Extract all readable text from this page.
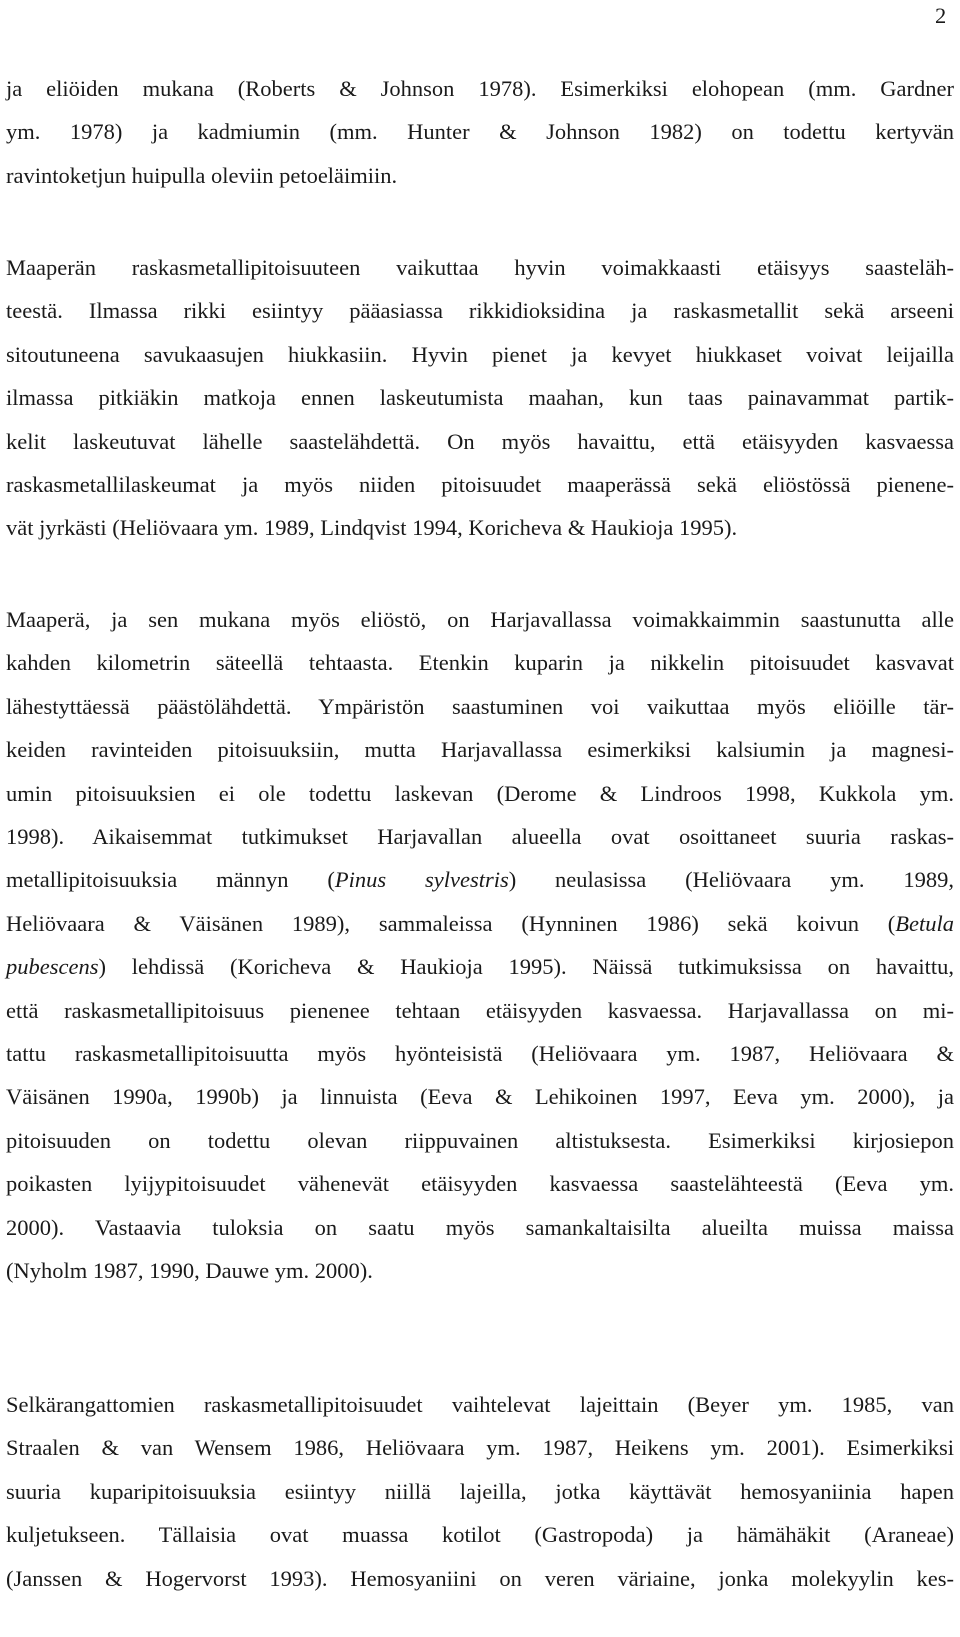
2

ja eliöiden mukana (Roberts & Johnson 1978). Esimerkiksi elohopean (mm. Gardner
ym. 1978) ja kadmiumin (mm. Hunter & Johnson 1982) on todettu kertyvän
ravintoketjun huipulla oleviin petoeläimiin.

Maaperän raskasmetallipitoisuuteen vaikuttaa hyvin voimakkaasti etäisyys saasteläh-
teestä. Ilmassa rikki esiintyy pääasiassa rikkidioksidina ja raskasmetallit sekä arseeni
sitoutuneena savukaasujen hiukkasiin. Hyvin pienet ja kevyet hiukkaset voivat leijailla
ilmassa pitkiäkin matkoja ennen laskeutumista maahan, kun taas painavammat partik-
kelit laskeutuvat lähelle saastelähdettä. On myös havaittu, että etäisyyden kasvaessa
raskasmetallilaskeumat ja myös niiden pitoisuudet maaperässä sekä eliöstössä pienene-
vät jyrkästi (Heliövaara ym. 1989, Lindqvist 1994, Koricheva & Haukioja 1995).

Maaperä, ja sen mukana myös eliöstö, on Harjavallassa voimakkaimmin saastunutta alle
kahden kilometrin säteellä tehtaasta. Etenkin kuparin ja nikkelin pitoisuudet kasvavat
lähestyttäessä päästölähdettä. Ympäristön saastuminen voi vaikuttaa myös eliöille tär-
keiden ravinteiden pitoisuuksiin, mutta Harjavallassa esimerkiksi kalsiumin ja magnesi-
umin pitoisuuksien ei ole todettu laskevan (Derome & Lindroos 1998, Kukkola ym.
1998). Aikaisemmat tutkimukset Harjavallan alueella ovat osoittaneet suuria raskas-
metallipitoisuuksia männyn (Pinus sylvestris) neulasissa (Heliövaara ym. 1989,
Heliövaara & Väisänen 1989), sammaleissa (Hynninen 1986) sekä koivun (Betula
pubescens) lehdissä (Koricheva & Haukioja 1995). Näissä tutkimuksissa on havaittu,
että raskasmetallipitoisuus pienenee tehtaan etäisyyden kasvaessa. Harjavallassa on mi-
tattu raskasmetallipitoisuutta myös hyönteisistä (Heliövaara ym. 1987, Heliövaara &
Väisänen 1990a, 1990b) ja linnuista (Eeva & Lehikoinen 1997, Eeva ym. 2000), ja
pitoisuuden on todettu olevan riippuvainen altistuksesta. Esimerkiksi kirjosiepon
poikasten lyijypitoisuudet vähenevät etäisyyden kasvaessa saastelähteestä (Eeva ym.
2000). Vastaavia tuloksia on saatu myös samankaltaisilta alueilta muissa maissa
(Nyholm 1987, 1990, Dauwe ym. 2000).

Selkärangattomien raskasmetallipitoisuudet vaihtelevat lajeittain (Beyer ym. 1985, van
Straalen & van Wensem 1986, Heliövaara ym. 1987, Heikens ym. 2001). Esimerkiksi
suuria kuparipitoisuuksia esiintyy niillä lajeilla, jotka käyttävät hemosyaniinia hapen
kuljetukseen. Tällaisia ovat muassa kotilot (Gastropoda) ja hämähäkit (Araneae)
(Janssen & Hogervorst 1993). Hemosyaniini on veren väriaine, jonka molekyylin kes-
